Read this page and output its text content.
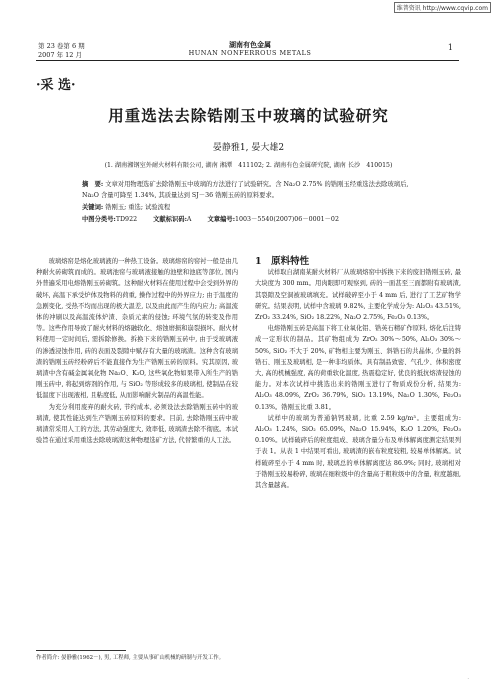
维普资讯 http://www.cqvip.com
第 23 卷第 6 期
2007 年 12 月
湖南有色金属
HUNAN NONFERROUS METALS
1
·采 选·
用重选法去除锆刚玉中玻璃的试验研究
晏静雅1, 晏大雄2
(1. 湖南湘钢室外耐火材料有限公司, 湖南 湘潭　411102; 2. 湖南有色金属研究院, 湖南 长沙　410015)
摘　要: 文章对用物理选矿去除锆刚玉中玻璃的方法进行了试验研究。含 Na₂O 2.75% 的锆刚玉经重选法去除玻璃后, Na₂O 含量可降至 1.34%, 其质量达到 SJ－36 锆刚玉砖的原料要求。
关键词: 锆刚玉; 重选; 试验流程
中图分类号:TD922	文献标识码:A	文章编号:1003－5540(2007)06－0001－02

玻璃熔窑是熔化玻璃液的一种热工设备。玻璃熔窑的窑衬一般是由几种耐火砖砌筑而成的。玻璃池窑与玻璃液接触的池壁和池底等部位, 国内外普遍采用电熔锆刚玉砖砌筑。这种耐火材料在使用过程中会受到外界的破坏, 高温下承受炉体及物料的荷重, 操作过程中的外界应力; 由于温度的急剧变化, 受热不均而出现的极大温差, 以及由此而产生的内应力; 高温流体的冲刷以及高温流体炉渣、杂质元素的侵蚀; 环境气氛的转变及作用等。这些作用导致了耐火材料的熔融软化、熔蚀磨损和崩裂损坏。耐火材料使用一定时间后, 需拆除修换。拆换下来的锆刚玉砖中, 由于受玻璃液的渗透浸蚀作用, 砖的表面及裂隙中赋存有大量的玻璃渣。这种含有玻璃渣的锆刚玉砖经粉碎后不能直接作为生产锆刚玉砖的原料。究其原因, 玻璃渣中含有碱金属氧化物 Na₂O、K₂O, 这些氧化物如果带入所生产的锆刚玉砖中, 将起到熔剂的作用, 与 SiO₂ 等形成较多的玻璃相, 使制品在较低温度下出现液相, 且粘度低, 从而影响耐火制品的高温性能。

为充分利用废弃的耐火砖, 节约成本, 必须设法去除锆刚玉砖中的玻璃渣, 使其性能达到生产锆刚玉砖原料的要求。目前, 去除锆刚玉砖中玻璃渣常采用人工的方法, 其劳动强度大, 效率低, 玻璃渣去除不彻底。本试验旨在通过采用重选去除玻璃渣这种物理选矿方法, 代替繁重的人工法。

1　原料特性

试样取自湖南某耐火材料厂从玻璃熔窑中拆换下来的废旧锆刚玉砖, 最大块度为 300 mm。用肉眼即可观察到, 砖的一面甚至三面都附有玻璃渣, 其裂隙及空洞被玻璃填充。试样破碎至小于 4 mm 后, 进行了工艺矿物学研究。结果表明, 试样中含玻璃 9.82%, 主要化学成分为: Al₂O₃ 43.51%, ZrO₂ 33.24%, SiO₂ 18.22%, Na₂O 2.75%, Fe₂O₃ 0.13%。

电熔锆刚玉砖是高温下将工业氧化铝、锆英石精矿作原料, 熔化后注铸成一定形状的制品。其矿物组成为 ZrO₂ 30%～50%, Al₂O₃ 30%～50%, SiO₂ 不大于 20%, 矿物相主要为刚玉、斜锆石的共晶体, 少量的斜锆石、刚玉及玻璃相, 是一种非均质体。具有制品致密、气孔少、体积密度大, 高的机械强度, 高的荷重软化温度, 热震稳定好, 优良的抵抗熔渣侵蚀的能力。对本次试样中挑选出来的锆刚玉进行了物质成份分析, 结果为: Al₂O₃ 48.09%, ZrO₂ 36.79%, SiO₂ 13.19%, Na₂O 1.30%, Fe₂O₃ 0.13%。锆刚玉比重 3.81。

试样中的玻璃为普通钠钙玻璃, 比重 2.59 kg/m³。主要组成为: Al₂O₃ 1.24%, SiO₂ 65.09%, Na₂O 15.94%, K₂O 1.20%, Fe₂O₃ 0.10%。试样破碎后的粒度组成、玻璃含量分布及单体解离度测定结果列于表 1。从表 1 中结果可看出, 玻璃渣的嵌布粒度较粗, 较易单体解离。试样破碎至小于 4 mm 时, 玻璃总的单体解离度达 86.9%; 同时, 玻璃相对于锆刚玉较易粉碎, 玻璃在细粒级中的含量高于粗粒级中的含量, 粒度越细, 其含量越高。

作者简介: 晏静雅(1962－), 男, 工程师, 主要从事矿山机械的研制与开发工作。
·
